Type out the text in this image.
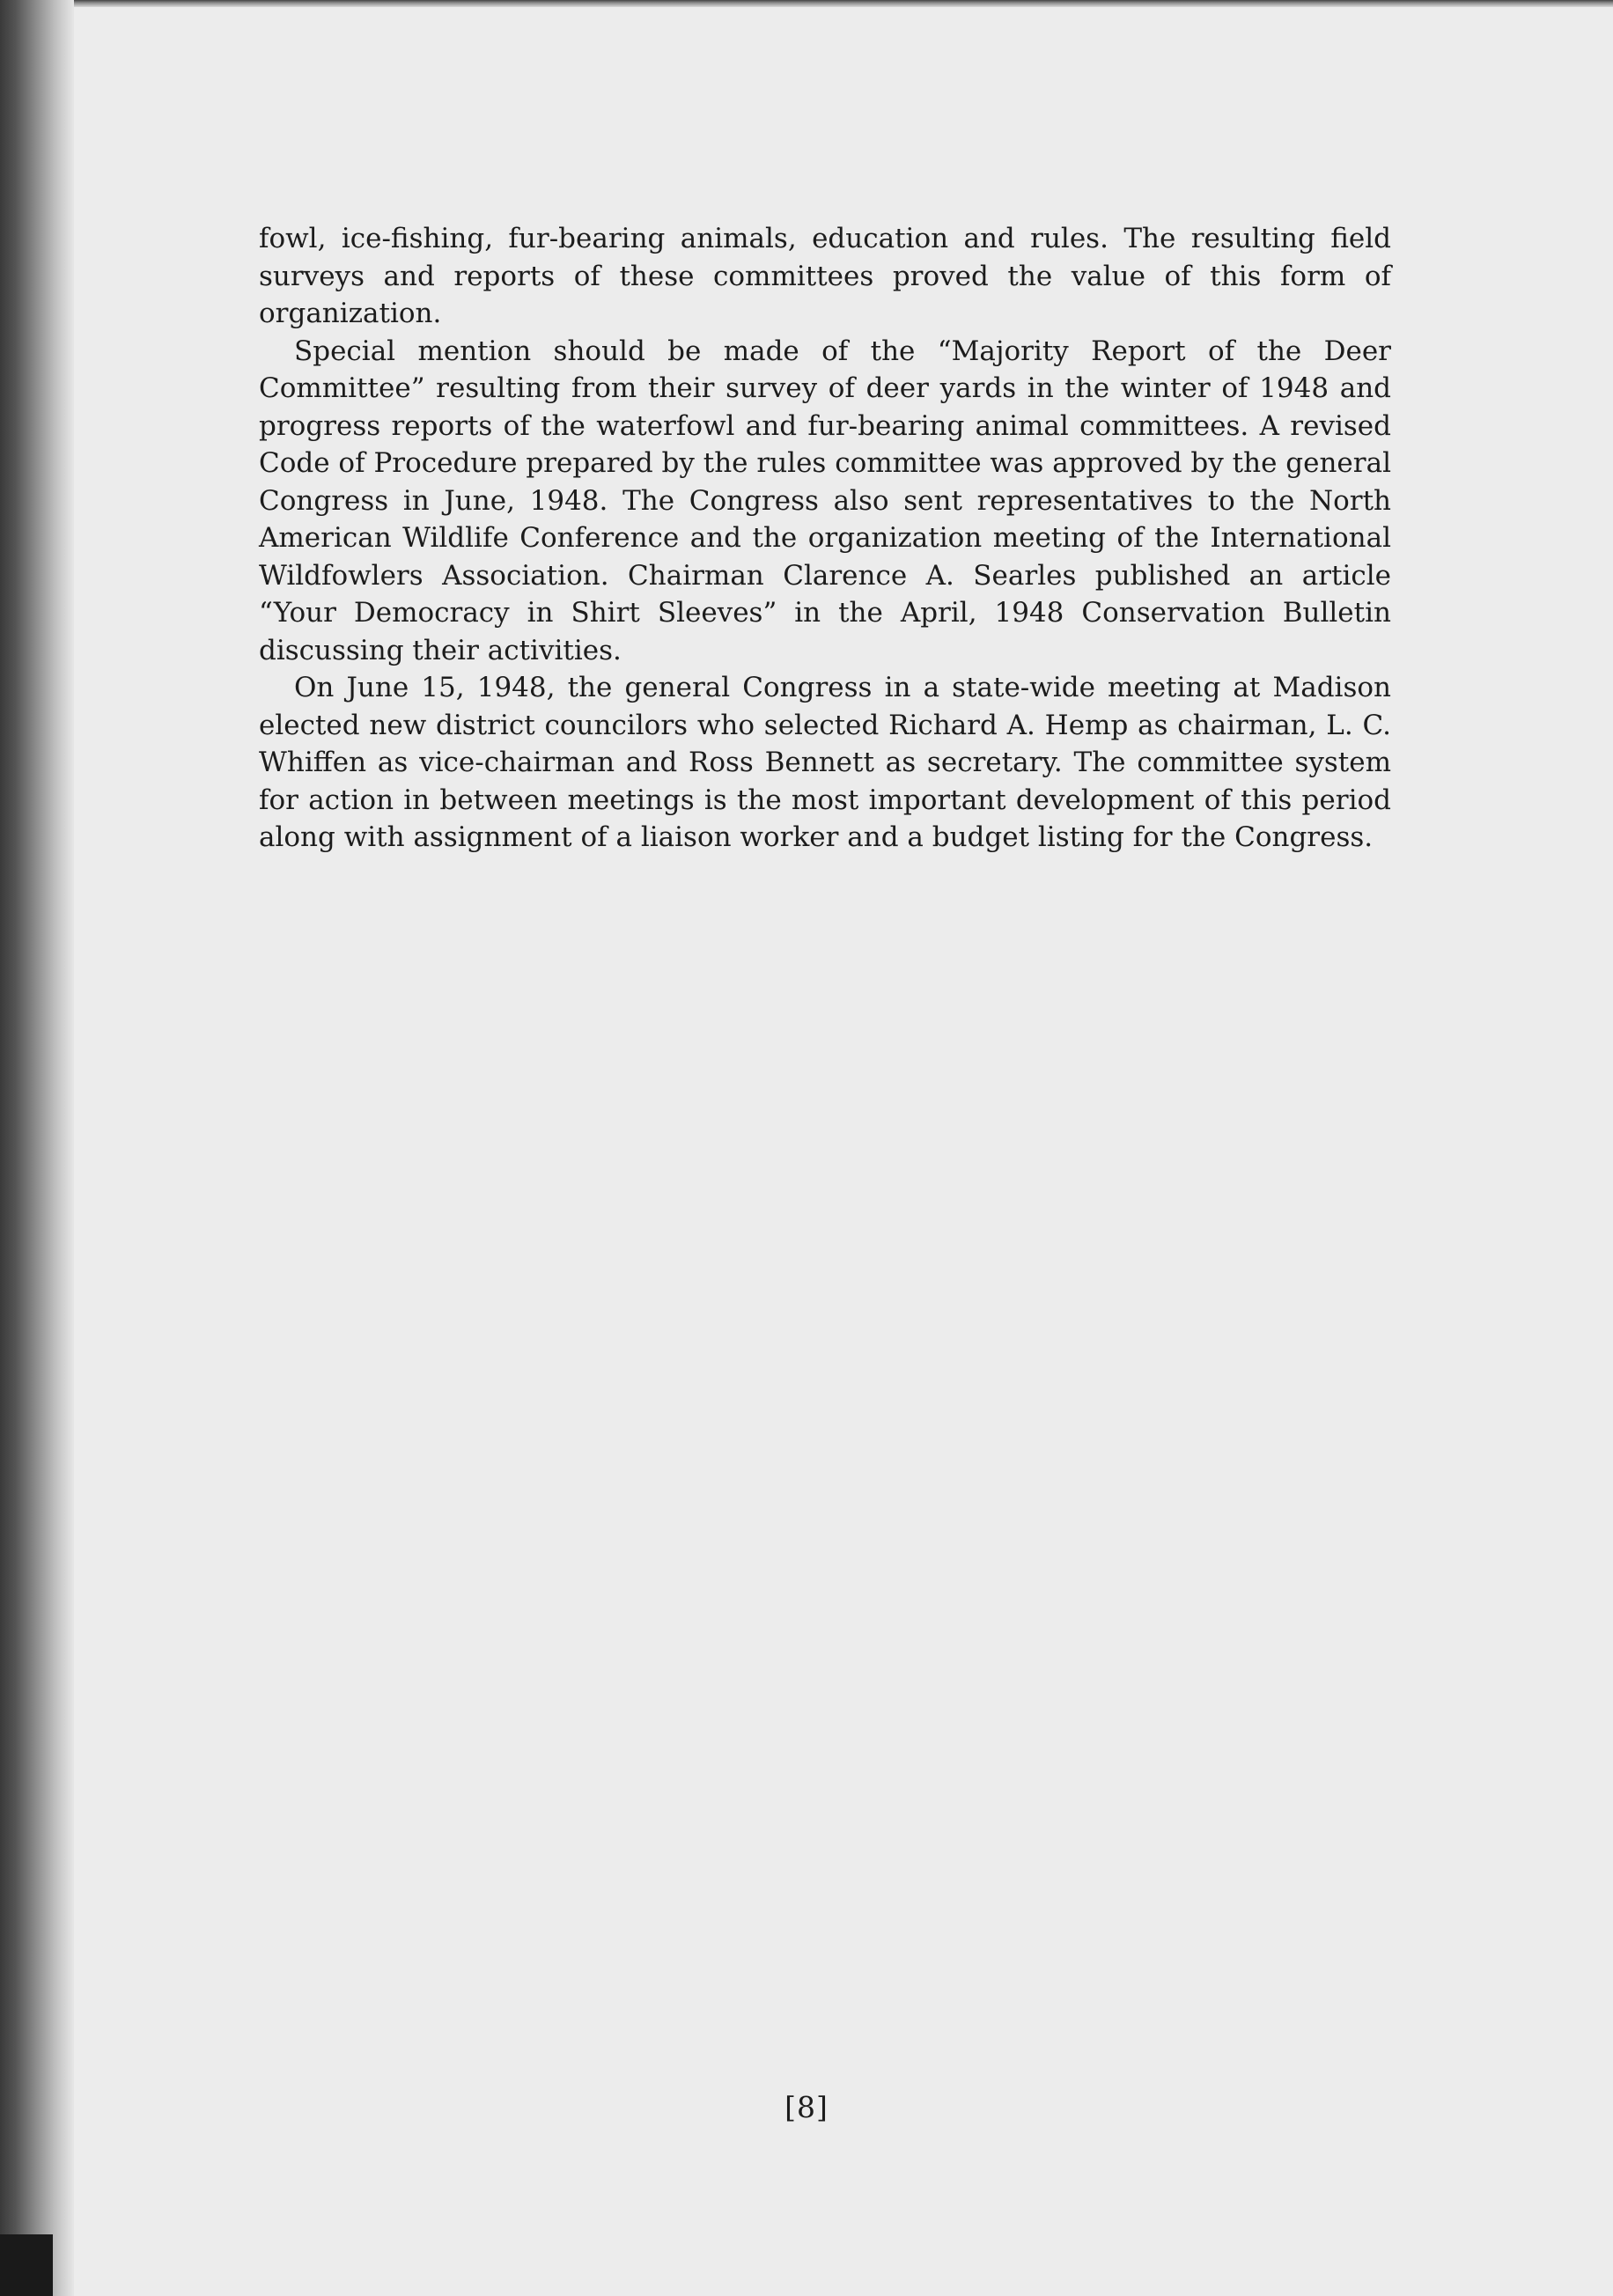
fowl, ice-fishing, fur-bearing animals, education and rules. The resulting field surveys and reports of these committees proved the value of this form of organization.

Special mention should be made of the “Majority Report of the Deer Committee” resulting from their survey of deer yards in the winter of 1948 and progress reports of the waterfowl and fur-bearing animal committees. A revised Code of Procedure prepared by the rules committee was approved by the general Congress in June, 1948. The Congress also sent representatives to the North American Wildlife Conference and the organization meeting of the International Wildfowlers Association. Chairman Clarence A. Searles published an article “Your Democracy in Shirt Sleeves” in the April, 1948 Conservation Bulletin discussing their activities.

On June 15, 1948, the general Congress in a state-wide meeting at Madison elected new district councilors who selected Richard A. Hemp as chairman, L. C. Whiffen as vice-chairman and Ross Bennett as secretary. The committee system for action in between meetings is the most important development of this period along with assignment of a liaison worker and a budget listing for the Congress.

[8]
